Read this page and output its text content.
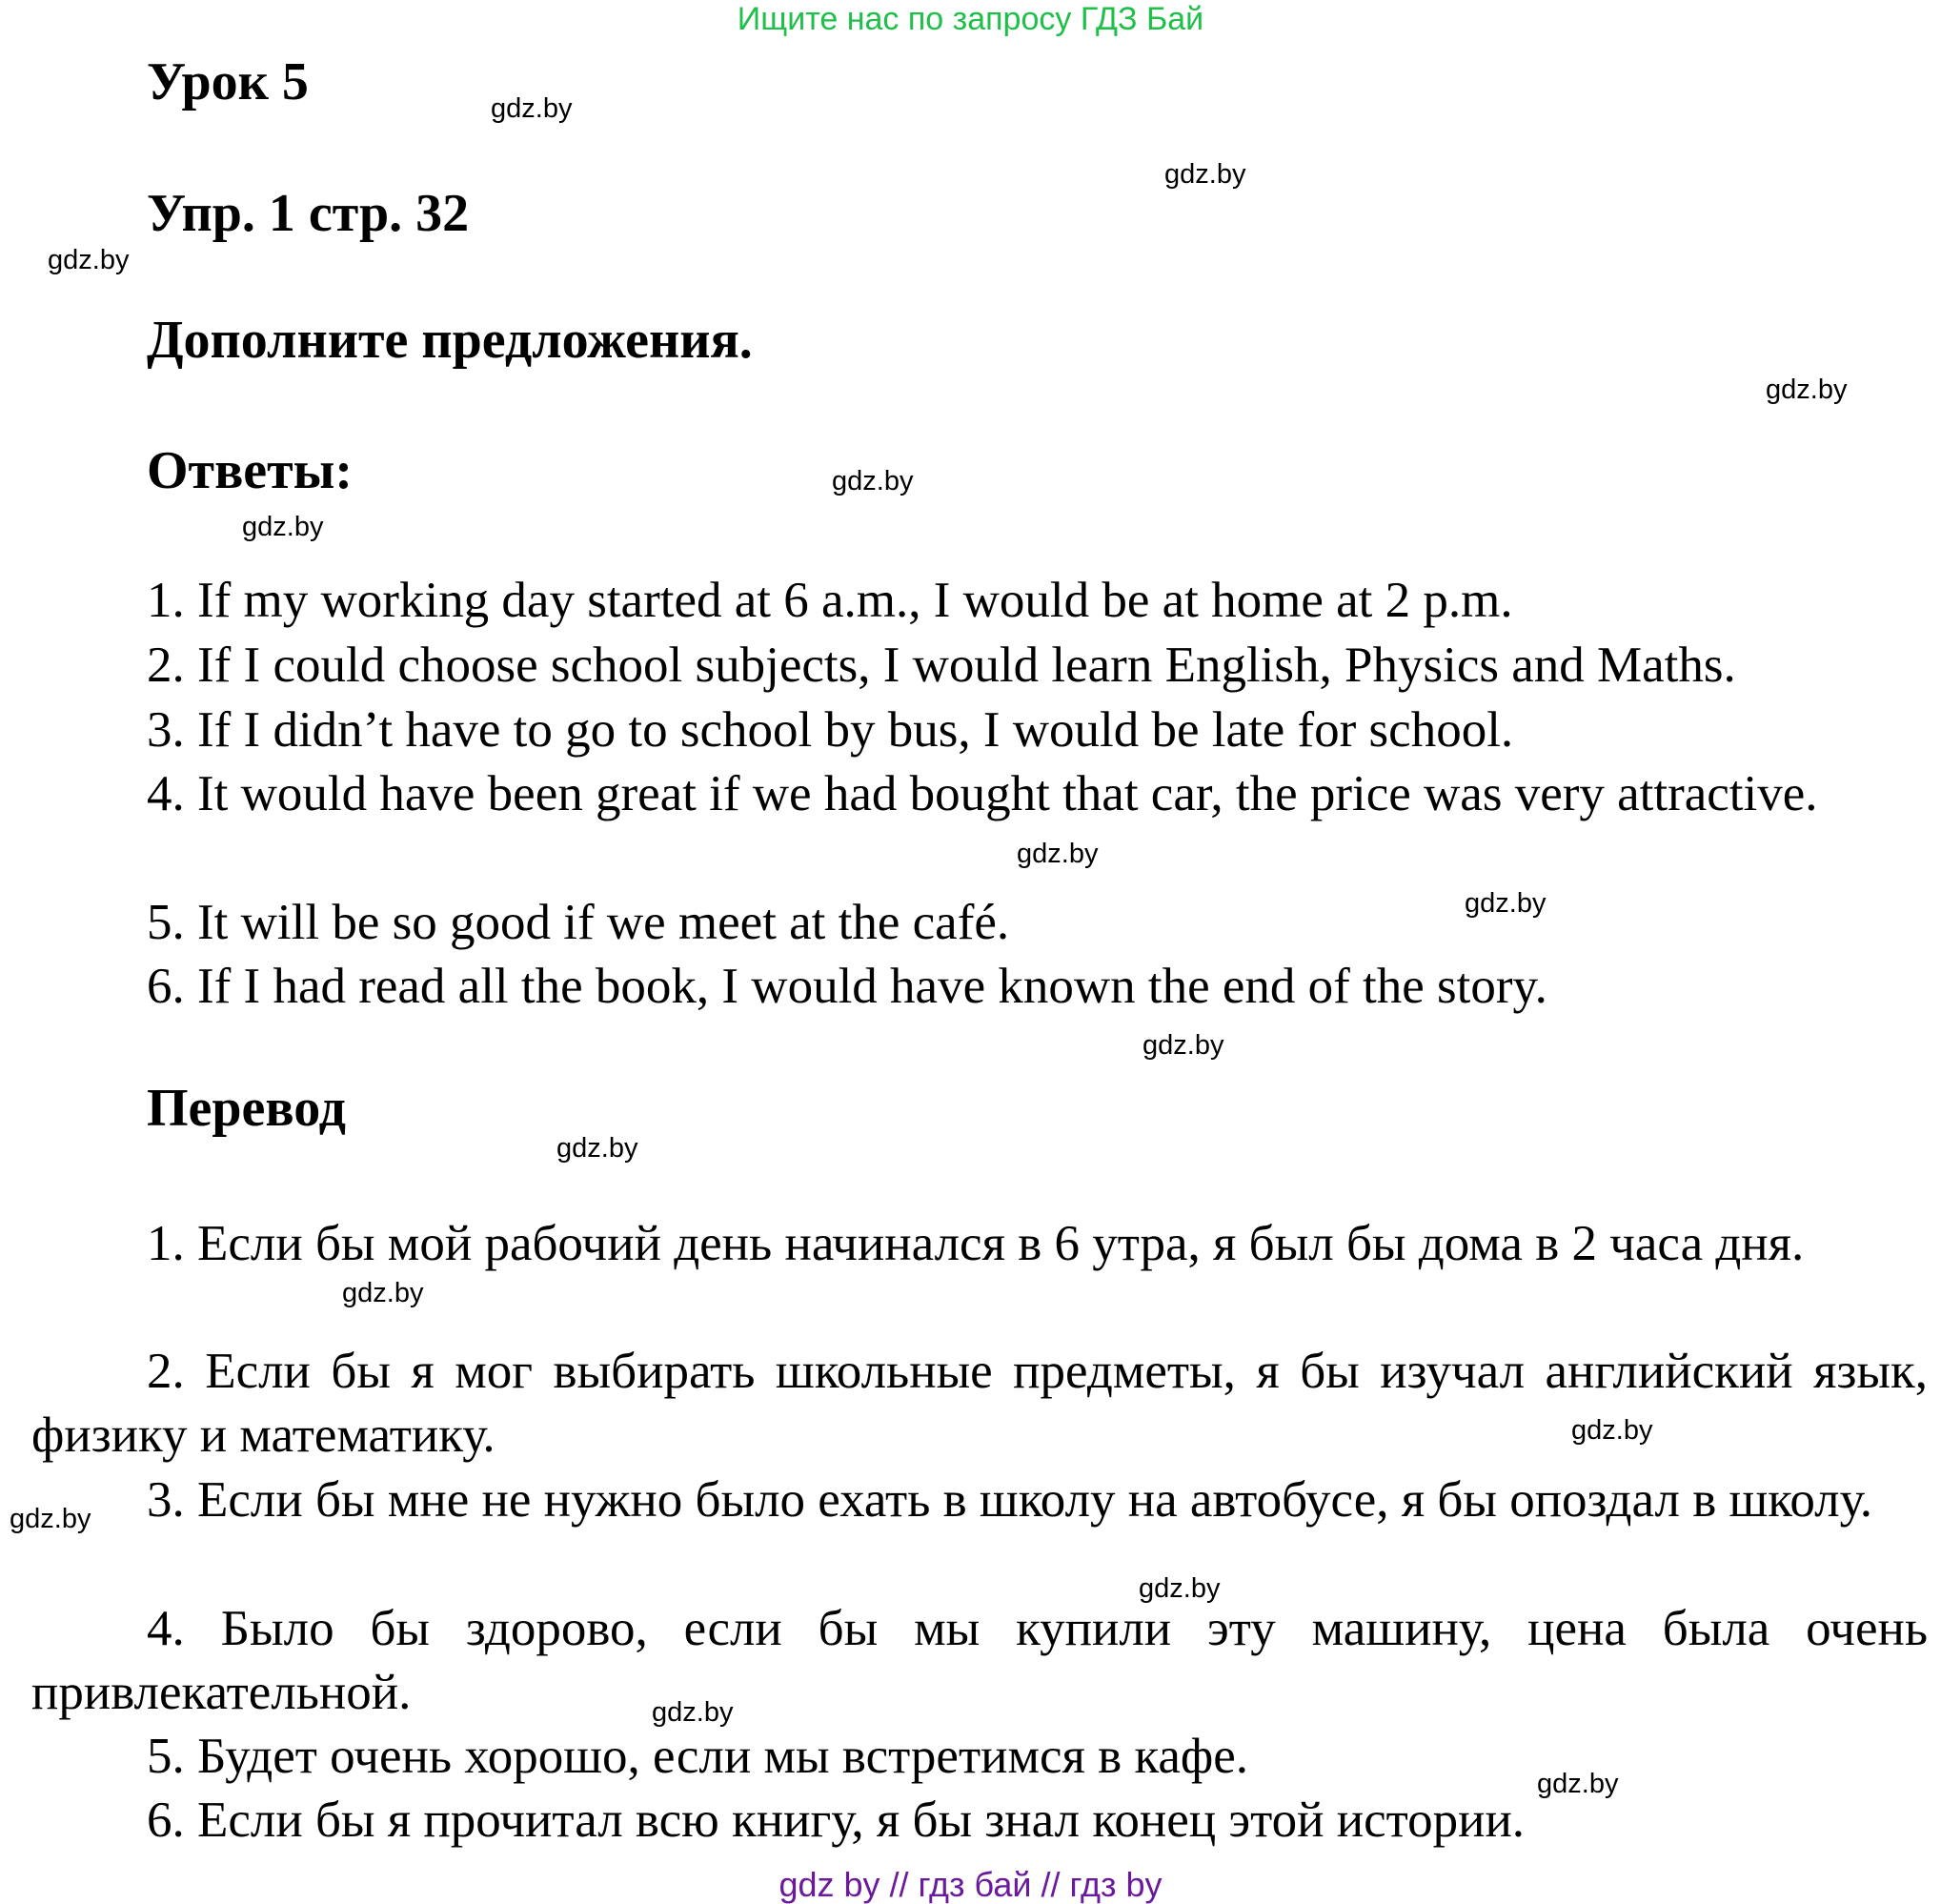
Ищите нас по запросу ГДЗ Бай
Урок 5
Упр. 1 стр. 32
Дополните предложения.
Ответы:
1. If my working day started at 6 a.m., I would be at home at 2 p.m.
2. If I could choose school subjects, I would learn English, Physics and Maths.
3. If I didn’t have to go to school by bus, I would be late for school.
4. It would have been great if we had bought that car, the price was very attractive.
5. It will be so good if we meet at the café.
6. If I had read all the book, I would have known the end of the story.
Перевод
1. Если бы мой рабочий день начинался в 6 утра, я был бы дома в 2 часа дня.
2. Если бы я мог выбирать школьные предметы, я бы изучал английский язык, физику и математику.
3. Если бы мне не нужно было ехать в школу на автобусе, я бы опоздал в школу.
4. Было бы здорово, если бы мы купили эту машину, цена была очень привлекательной.
5. Будет очень хорошо, если мы встретимся в кафе.
6. Если бы я прочитал всю книгу, я бы знал конец этой истории.
gdz.by
gdz.by
gdz.by
gdz.by
gdz.by
gdz.by
gdz.by
gdz.by
gdz.by
gdz.by
gdz.by
gdz.by
gdz.by
gdz.by
gdz.by
gdz.by
gdz by // гдз бай // гдз by
